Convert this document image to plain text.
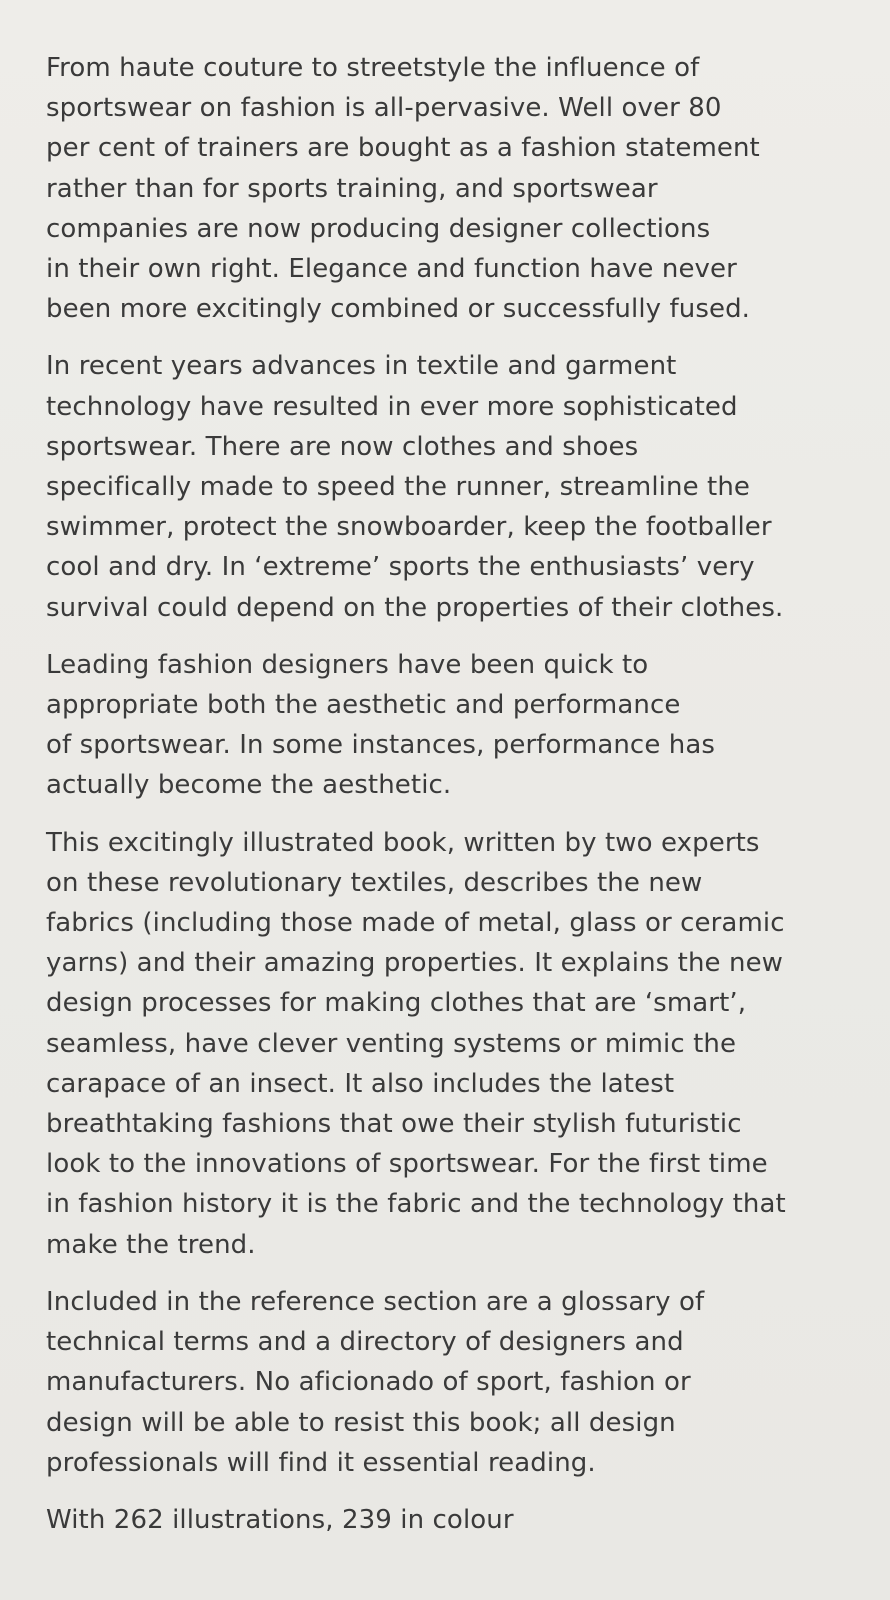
From haute couture to streetstyle the influence of
sportswear on fashion is all-pervasive. Well over 80
per cent of trainers are bought as a fashion statement
rather than for sports training, and sportswear
companies are now producing designer collections
in their own right. Elegance and function have never
been more excitingly combined or successfully fused.

In recent years advances in textile and garment
technology have resulted in ever more sophisticated
sportswear. There are now clothes and shoes
specifically made to speed the runner, streamline the
swimmer, protect the snowboarder, keep the footballer
cool and dry. In ‘extreme’ sports the enthusiasts’ very
survival could depend on the properties of their clothes.

Leading fashion designers have been quick to
appropriate both the aesthetic and performance
of sportswear. In some instances, performance has
actually become the aesthetic.

This excitingly illustrated book, written by two experts
on these revolutionary textiles, describes the new
fabrics (including those made of metal, glass or ceramic
yarns) and their amazing properties. It explains the new
design processes for making clothes that are ‘smart’,
seamless, have clever venting systems or mimic the
carapace of an insect. It also includes the latest
breathtaking fashions that owe their stylish futuristic
look to the innovations of sportswear. For the first time
in fashion history it is the fabric and the technology that
make the trend.

Included in the reference section are a glossary of
technical terms and a directory of designers and
manufacturers. No aficionado of sport, fashion or
design will be able to resist this book; all design
professionals will find it essential reading.

With 262 illustrations, 239 in colour
